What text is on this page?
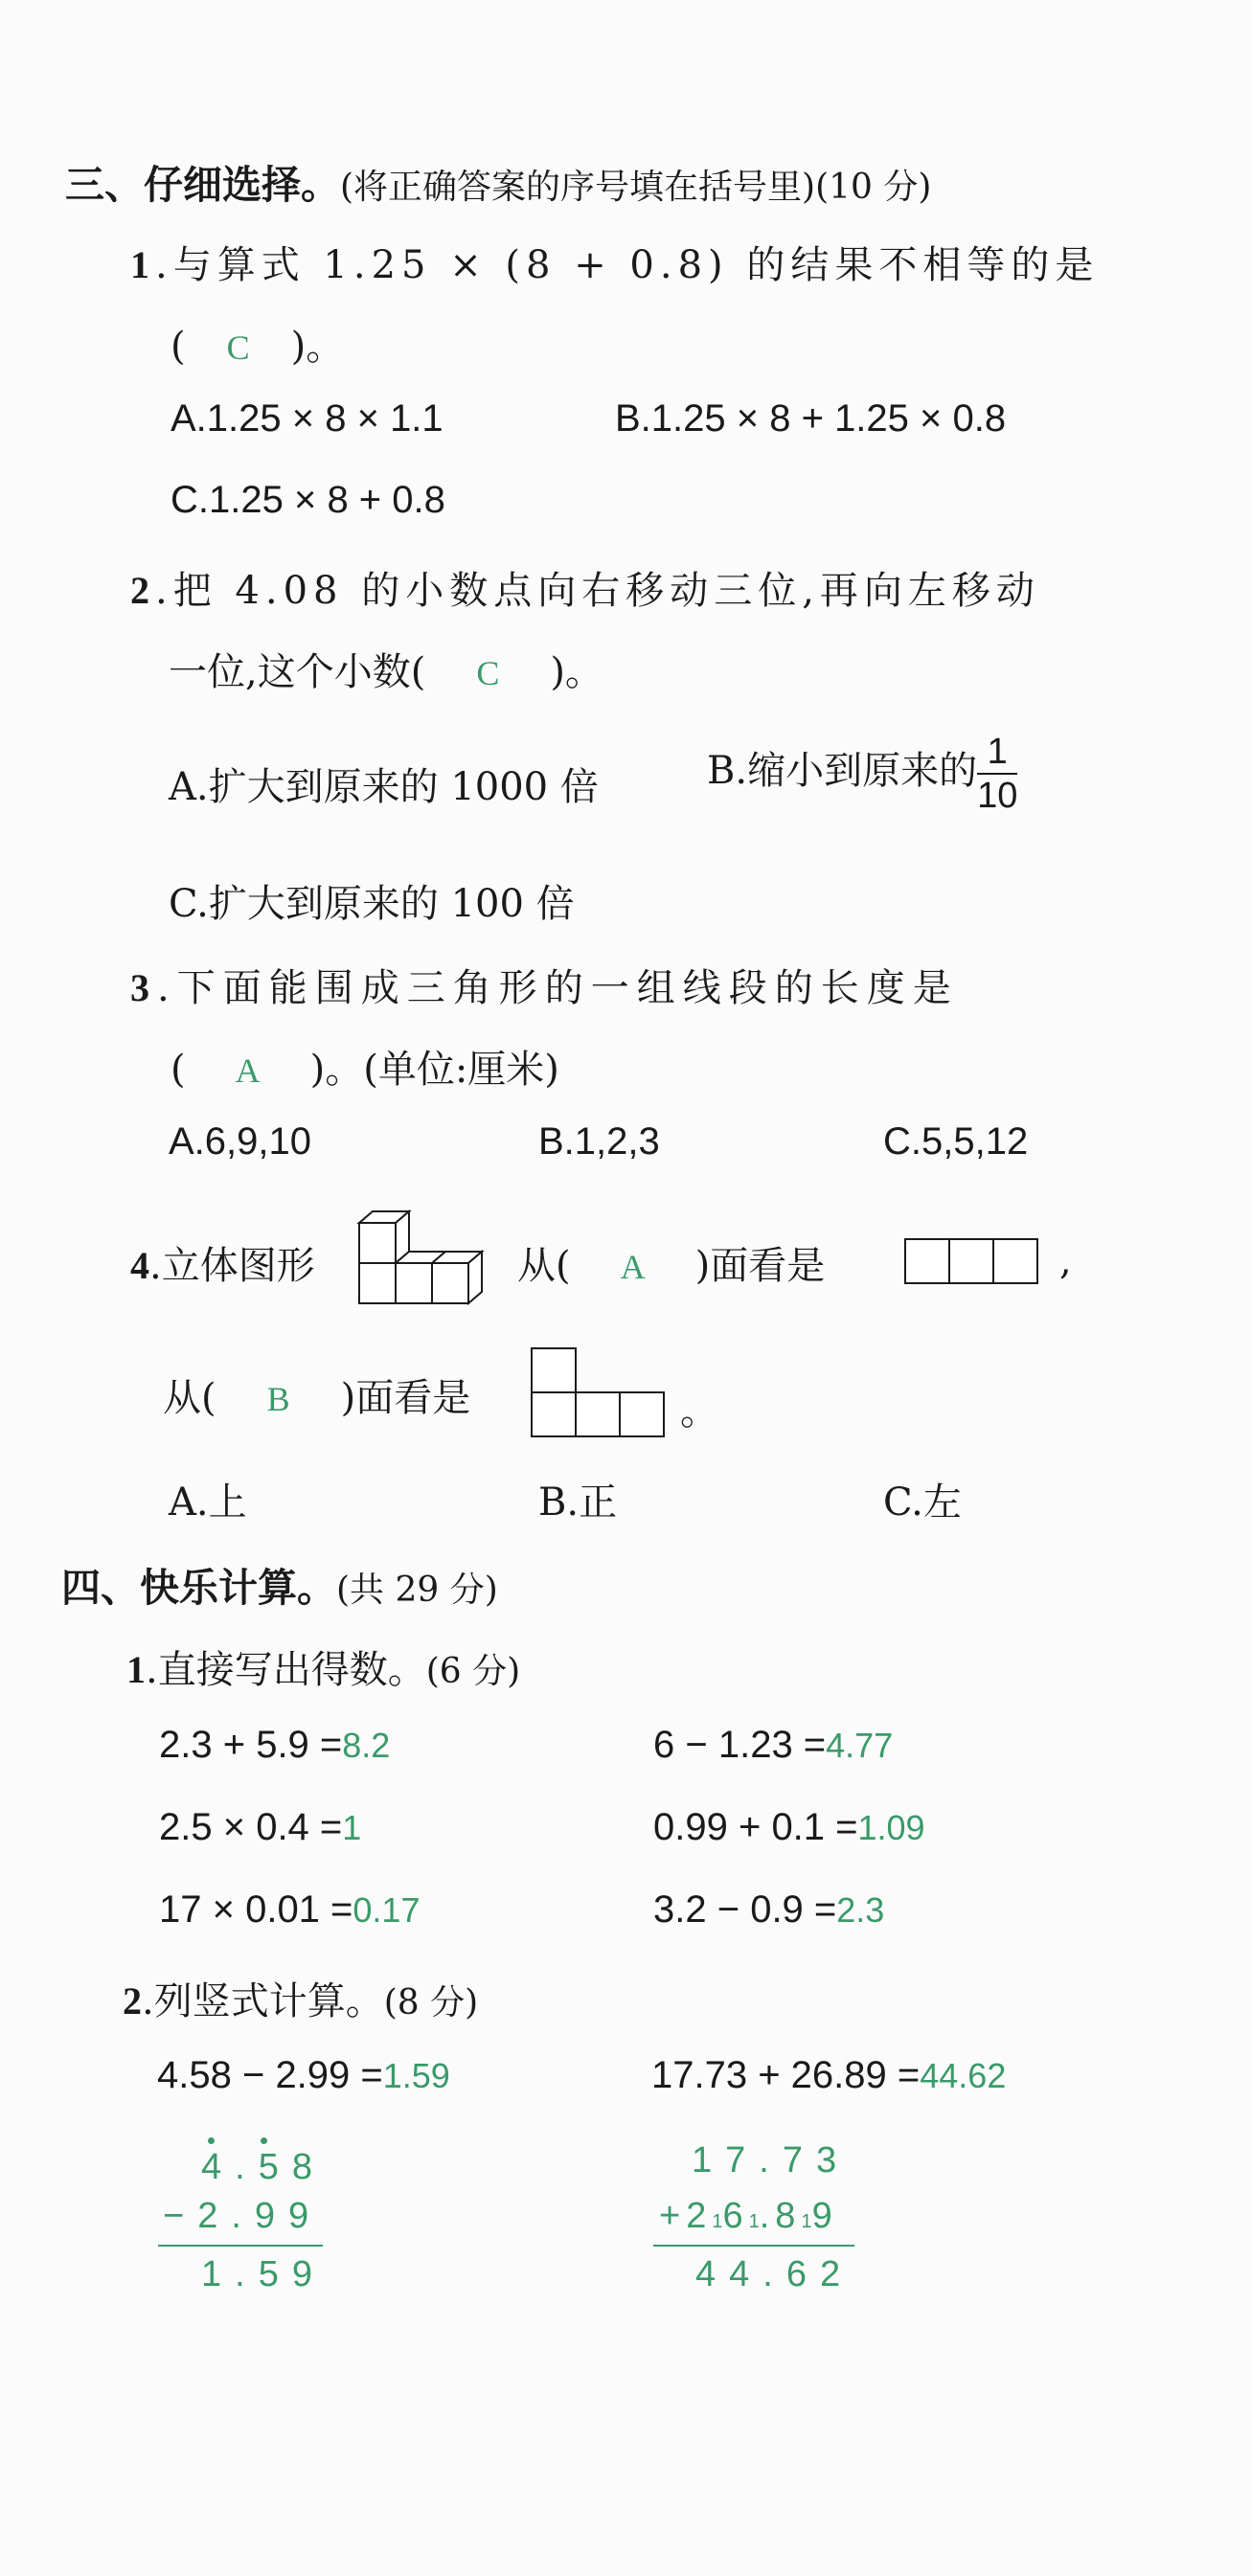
三、仔细选择。(将正确答案的序号填在括号里)(10 分)
1.与算式 1.25 × (8 + 0.8) 的结果不相等的是
( C )。
A.1.25 × 8 × 1.1	B.1.25 × 8 + 1.25 × 0.8
C.1.25 × 8 + 0.8
2.把 4.08 的小数点向右移动三位,再向左移动
一位,这个小数( C )。
A.扩大到原来的 1000 倍	B.缩小到原来的 $\frac{1}{10}$
C.扩大到原来的 100 倍
3.下面能围成三角形的一组线段的长度是
( A )。(单位:厘米)
A.6,9,10	B.1,2,3	C.5,5,12
4.立体图形	从( A )面看是	,
从( B )面看是	。
A.上	B.正	C.左
四、快乐计算。(共 29 分)
1.直接写出得数。(6 分)
2.3 + 5.9 =8.2	6 − 1.23 =4.77
2.5 × 0.4 =1	0.99 + 0.1 =1.09
17 × 0.01 =0.17	3.2 − 0.9 =2.3
2.列竖式计算。(8 分)
4.58 − 2.99 =1.59	17.73 + 26.89 =44.62
4.58
−2.99
1.59
17.73
+2161.819
44.62
